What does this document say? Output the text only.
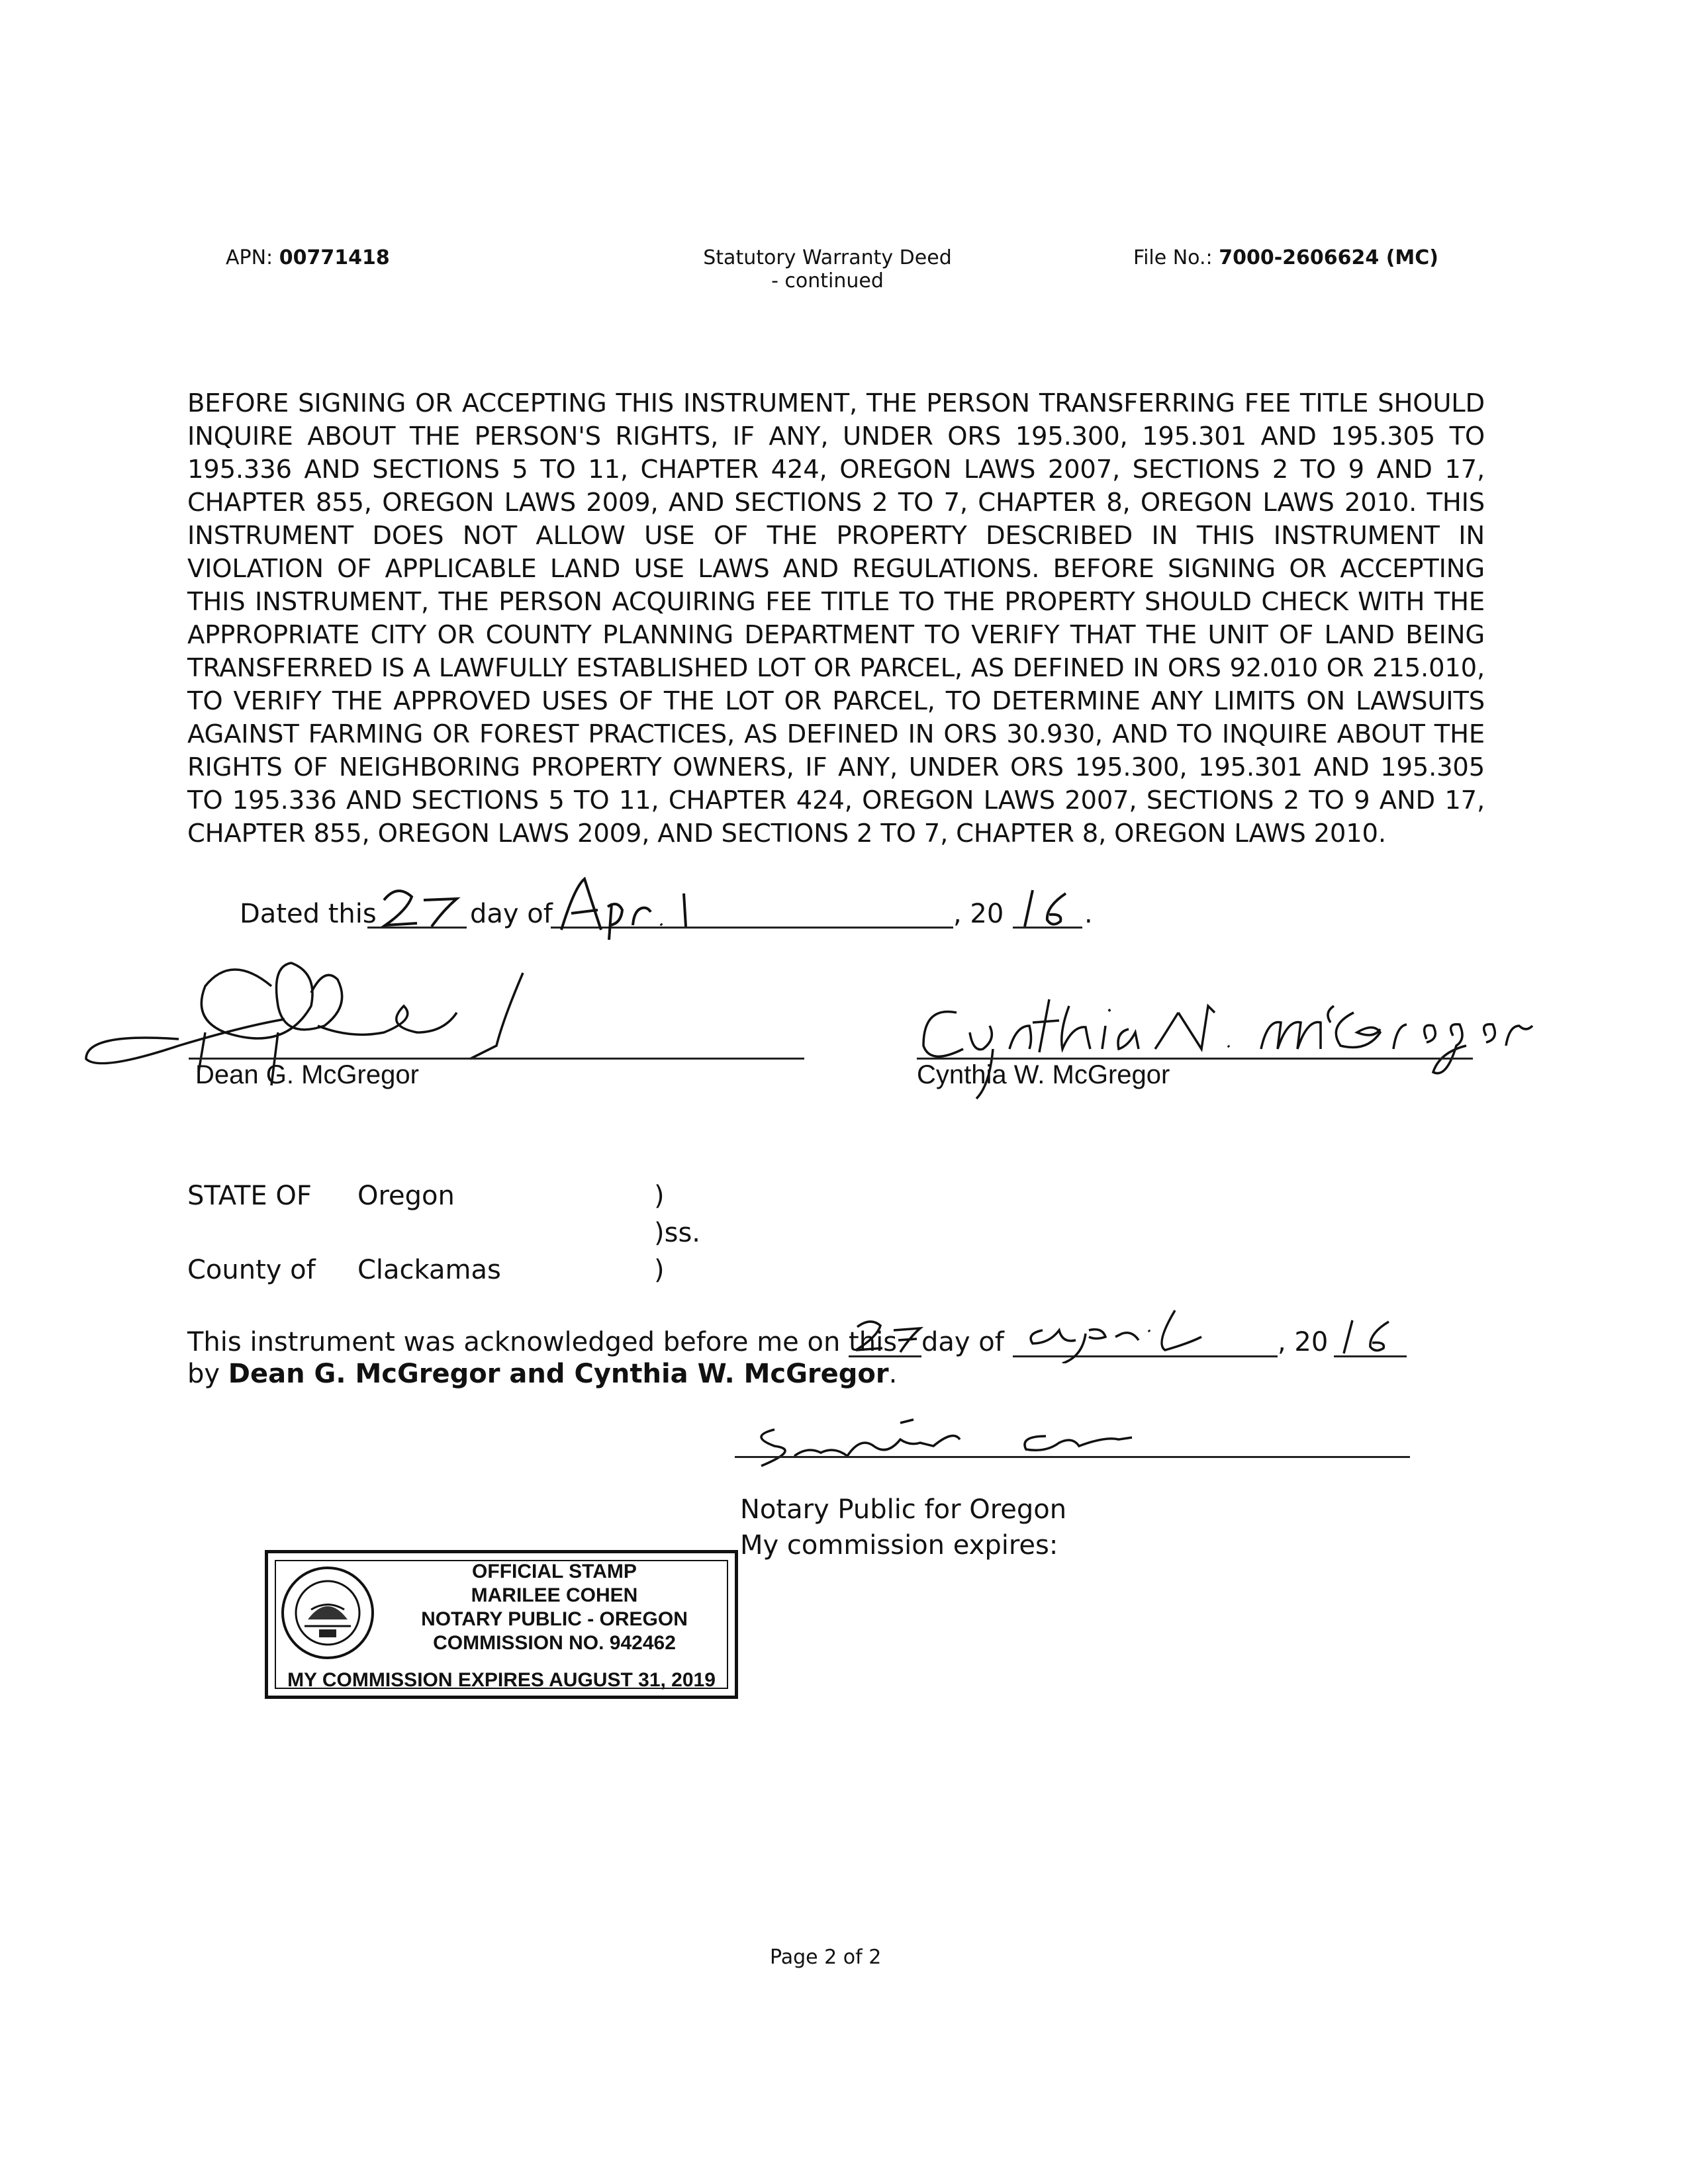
APN: 00771418	Statutory Warranty Deed
- continued
File No.: 7000-2606624 (MC)
BEFORE SIGNING OR ACCEPTING THIS INSTRUMENT, THE PERSON TRANSFERRING FEE TITLE SHOULD INQUIRE ABOUT THE PERSON'S RIGHTS, IF ANY, UNDER ORS 195.300, 195.301 AND 195.305 TO 195.336 AND SECTIONS 5 TO 11, CHAPTER 424, OREGON LAWS 2007, SECTIONS 2 TO 9 AND 17, CHAPTER 855, OREGON LAWS 2009, AND SECTIONS 2 TO 7, CHAPTER 8, OREGON LAWS 2010. THIS INSTRUMENT DOES NOT ALLOW USE OF THE PROPERTY DESCRIBED IN THIS INSTRUMENT IN VIOLATION OF APPLICABLE LAND USE LAWS AND REGULATIONS. BEFORE SIGNING OR ACCEPTING THIS INSTRUMENT, THE PERSON ACQUIRING FEE TITLE TO THE PROPERTY SHOULD CHECK WITH THE APPROPRIATE CITY OR COUNTY PLANNING DEPARTMENT TO VERIFY THAT THE UNIT OF LAND BEING TRANSFERRED IS A LAWFULLY ESTABLISHED LOT OR PARCEL, AS DEFINED IN ORS 92.010 OR 215.010, TO VERIFY THE APPROVED USES OF THE LOT OR PARCEL, TO DETERMINE ANY LIMITS ON LAWSUITS AGAINST FARMING OR FOREST PRACTICES, AS DEFINED IN ORS 30.930, AND TO INQUIRE ABOUT THE RIGHTS OF NEIGHBORING PROPERTY OWNERS, IF ANY, UNDER ORS 195.300, 195.301 AND 195.305 TO 195.336 AND SECTIONS 5 TO 11, CHAPTER 424, OREGON LAWS 2007, SECTIONS 2 TO 9 AND 17, CHAPTER 855, OREGON LAWS 2009, AND SECTIONS 2 TO 7, CHAPTER 8, OREGON LAWS 2010.
Dated this	day of	, 20	.
Dean G. McGregor	Cynthia W. McGregor
STATE OF Oregon	)
)ss.
County of Clackamas	)
This instrument was acknowledged before me on this day of	, 20
by Dean G. McGregor and Cynthia W. McGregor.
Notary Public for Oregon
My commission expires:
OFFICIAL STAMP
MARILEE COHEN
NOTARY PUBLIC - OREGON
COMMISSION NO. 942462
MY COMMISSION EXPIRES AUGUST 31, 2019
Page 2 of 2
